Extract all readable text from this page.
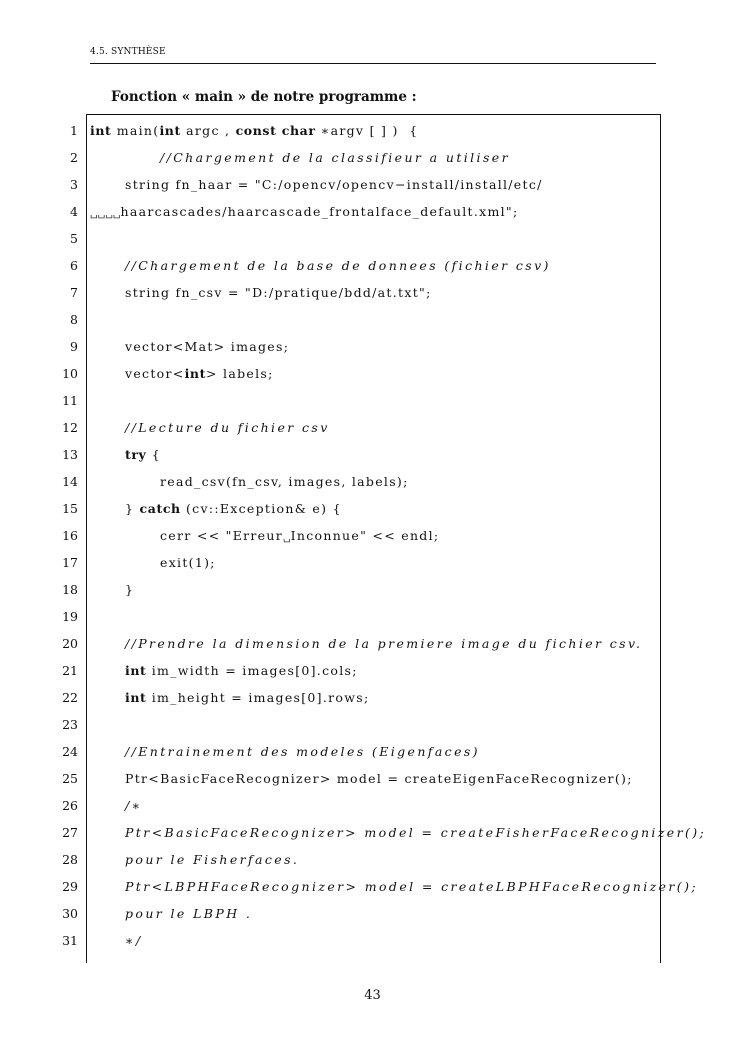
4.5. SYNTHÈSE
Fonction « main » de notre programme :
1 int main(int argc , const char ∗argv [ ] )  {
2	//Chargement de la classifieur a utiliser
3	string fn_haar = "C:/opencv/opencv−install/install/etc/
4 ␣␣␣␣haarcascades/haarcascade_frontalface_default.xml";
5
6	//Chargement de la base de donnees (fichier csv)
7	string fn_csv = "D:/pratique/bdd/at.txt";
8
9	vector<Mat> images;
10	vector<int> labels;
11
12	//Lecture du fichier csv
13	try {
14	read_csv(fn_csv, images, labels);
15	} catch (cv::Exception& e) {
16	cerr << "Erreur␣Inconnue" << endl;
17	exit(1);
18	}
19
20	//Prendre la dimension de la premiere image du fichier csv.
21	int im_width = images[0].cols;
22	int im_height = images[0].rows;
23
24	//Entrainement des modeles (Eigenfaces)
25	Ptr<BasicFaceRecognizer> model = createEigenFaceRecognizer();
26	/∗
27	Ptr<BasicFaceRecognizer> model = createFisherFaceRecognizer();
28	pour le Fisherfaces.
29	Ptr<LBPHFaceRecognizer> model = createLBPHFaceRecognizer();
30	pour le LBPH .
31	∗/
43
